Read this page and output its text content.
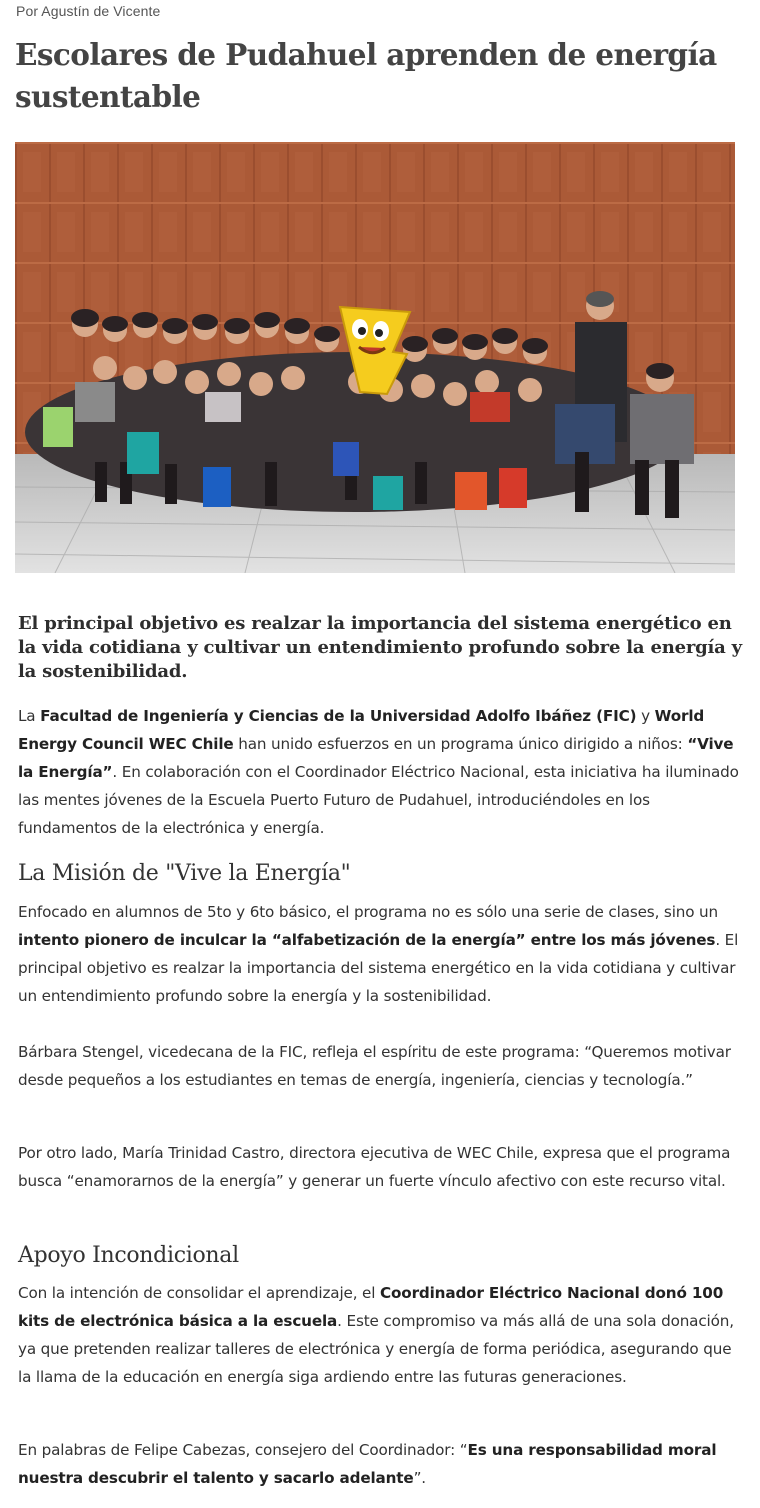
Por Agustín de Vicente
Escolares de Pudahuel aprenden de energía sustentable

El principal objetivo es realzar la importancia del sistema energético en la vida cotidiana y cultivar un entendimiento profundo sobre la energía y la sostenibilidad.

La Facultad de Ingeniería y Ciencias de la Universidad Adolfo Ibáñez (FIC) y World Energy Council WEC Chile han unido esfuerzos en un programa único dirigido a niños: “Vive la Energía”. En colaboración con el Coordinador Eléctrico Nacional, esta iniciativa ha iluminado las mentes jóvenes de la Escuela Puerto Futuro de Pudahuel, introduciéndoles en los fundamentos de la electrónica y energía.

La Misión de "Vive la Energía"

Enfocado en alumnos de 5to y 6to básico, el programa no es sólo una serie de clases, sino un intento pionero de inculcar la “alfabetización de la energía” entre los más jóvenes. El principal objetivo es realzar la importancia del sistema energético en la vida cotidiana y cultivar un entendimiento profundo sobre la energía y la sostenibilidad.

Bárbara Stengel, vicedecana de la FIC, refleja el espíritu de este programa: “Queremos motivar desde pequeños a los estudiantes en temas de energía, ingeniería, ciencias y tecnología.”

Por otro lado, María Trinidad Castro, directora ejecutiva de WEC Chile, expresa que el programa busca “enamorarnos de la energía” y generar un fuerte vínculo afectivo con este recurso vital.

Apoyo Incondicional

Con la intención de consolidar el aprendizaje, el Coordinador Eléctrico Nacional donó 100 kits de electrónica básica a la escuela. Este compromiso va más allá de una sola donación, ya que pretenden realizar talleres de electrónica y energía de forma periódica, asegurando que la llama de la educación en energía siga ardiendo entre las futuras generaciones.

En palabras de Felipe Cabezas, consejero del Coordinador: “Es una responsabilidad moral nuestra descubrir el talento y sacarlo adelante”.
